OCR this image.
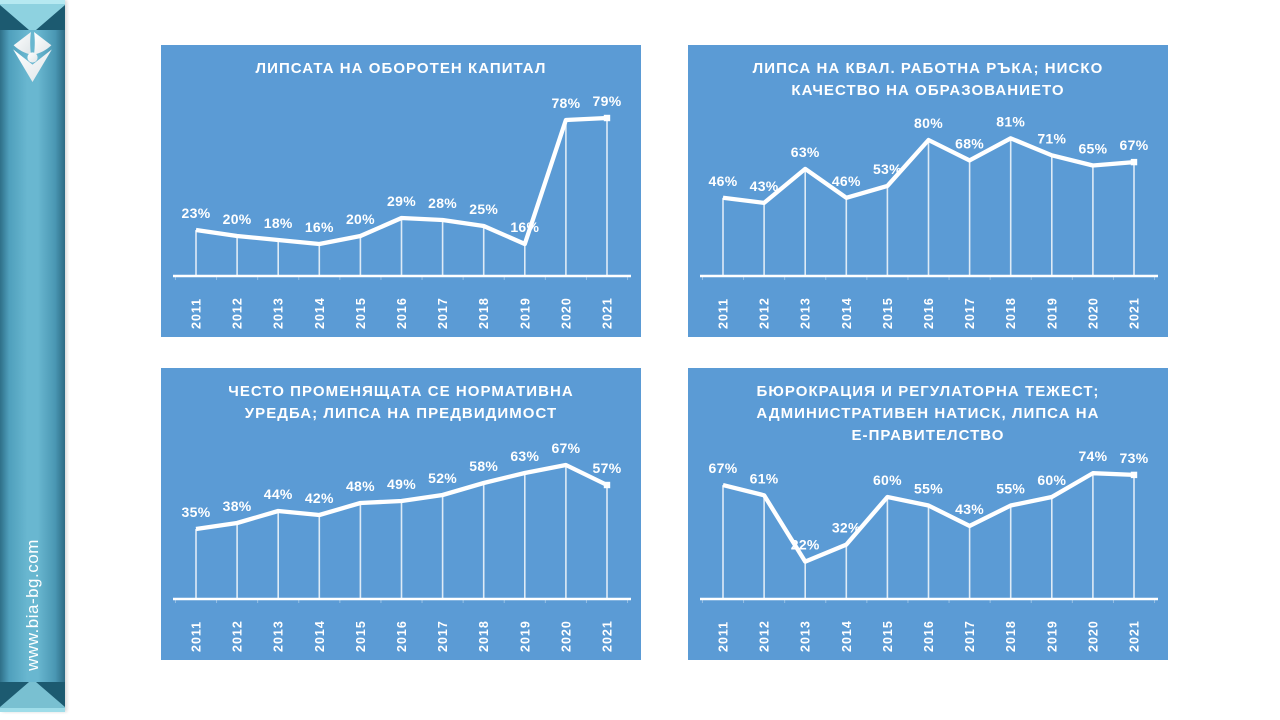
www.bia-bg.com
ЛИПСАТА НА ОБОРОТЕН КАПИТАЛ
23% 20% 18% 16% 20%
29% 28% 25%
16%
78% 79%
2011 2012 2013 2014 2015 2016 2017 2018 2019 2020 2021
ЛИПСА НА КВАЛ. РАБОТНА РЪКА; НИСКО
КАЧЕСТВО НА ОБРАЗОВАНИЕТО
46% 43%
63%
46%
53%
80%
68%
81%
71%
65% 67%
2011 2012 2013 2014 2015 2016 2017 2018 2019 2020 2021
ЧЕСТО ПРОМЕНЯЩАТА СЕ НОРМАТИВНА
УРЕДБА; ЛИПСА НА ПРЕДВИДИМОСТ
35% 38%
44% 42%
48% 49% 52%
58%
63% 67%
57%
2011 2012 2013 2014 2015 2016 2017 2018 2019 2020 2021
БЮРОКРАЦИЯ И РЕГУЛАТОРНА ТЕЖЕСТ;
АДМИНИСТРАТИВЕН НАТИСК, ЛИПСА НА
Е-ПРАВИТЕЛСТВО
67%
61%
22%
32%
60%
55%
43%
55%
60%
74% 73%
2011 2012 2013 2014 2015 2016 2017 2018 2019 2020 2021
